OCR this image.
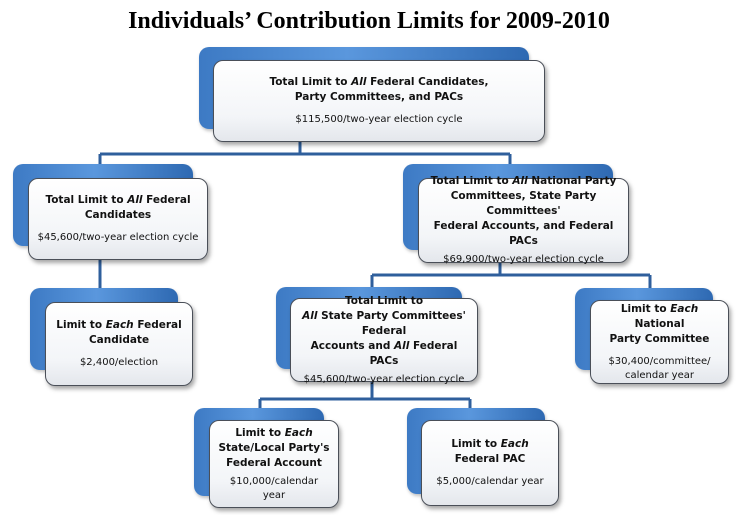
Individuals’ Contribution Limits for 2009-2010
Total Limit to All Federal Candidates,
Party Committees, and PACs
$115,500/two-year election cycle
Total Limit to All Federal
Candidates
$45,600/two-year election cycle
Total Limit to All National Party
Committees, State Party Committees'
Federal Accounts, and Federal PACs
$69,900/two-year election cycle
Limit to Each Federal
Candidate
$2,400/election
Total Limit to
All State Party Committees' Federal
Accounts and All Federal PACs
$45,600/two-year election cycle
Limit to Each National
Party Committee
$30,400/committee/
calendar year
Limit to Each
State/Local Party's
Federal Account
$10,000/calendar year
Limit to Each
Federal PAC
$5,000/calendar year
